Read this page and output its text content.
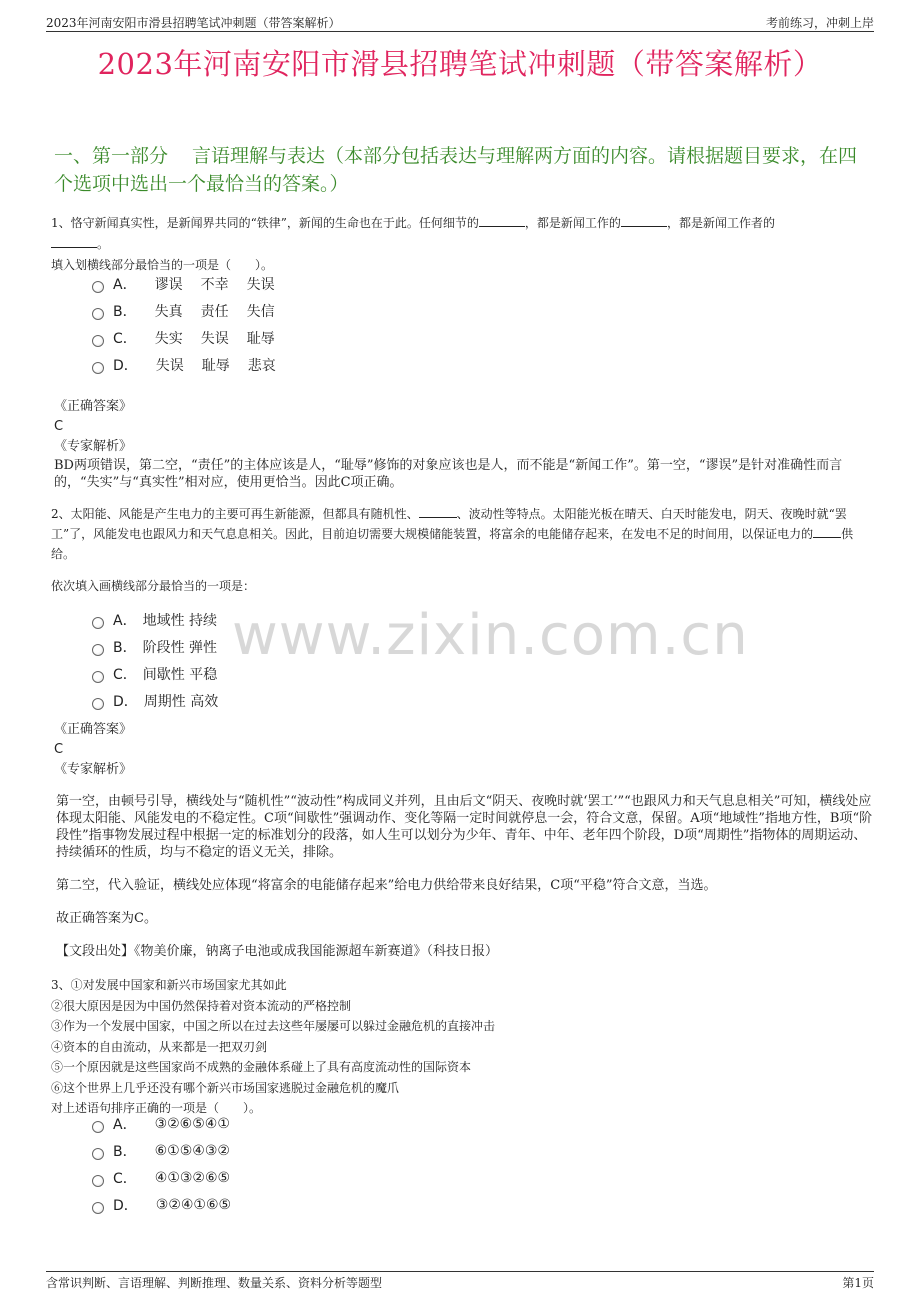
2023年河南安阳市滑县招聘笔试冲刺题（带答案解析）	考前练习，冲刺上岸
2023年河南安阳市滑县招聘笔试冲刺题（带答案解析）
一、第一部分 言语理解与表达（本部分包括表达与理解两方面的内容。请根据题目要求，在四个选项中选出一个最恰当的答案。）
1、恪守新闻真实性，是新闻界共同的“铁律”，新闻的生命也在于此。任何细节的	，都是新闻工作的	，都是新闻工作者的
。
填入划横线部分最恰当的一项是（　　）。
A． 谬误 不幸 失误
B． 失真 责任 失信
C． 失实 失误 耻辱
D． 失误 耻辱 悲哀
《正确答案》
C
《专家解析》
BD两项错误，第二空，“责任”的主体应该是人，“耻辱”修饰的对象应该也是人，而不能是“新闻工作”。第一空，“谬误”是针对准确性而言的，“失实”与“真实性”相对应，使用更恰当。因此C项正确。
2、太阳能、风能是产生电力的主要可再生新能源，但都具有随机性、	、波动性等特点。太阳能光板在晴天、白天时能发电，阴天、夜晚时就“罢工”了，风能发电也跟风力和天气息息相关。因此，目前迫切需要大规模储能装置，将富余的电能储存起来，在发电不足的时间用，以保证电力的 供给。
依次填入画横线部分最恰当的一项是：
www.zixin.com.cn
A． 地域性 持续
B． 阶段性 弹性
C． 间歇性 平稳
D． 周期性 高效
《正确答案》
C
《专家解析》
第一空，由顿号引导，横线处与“随机性”“波动性”构成同义并列，且由后文“阴天、夜晚时就‘罢工’”“也跟风力和天气息息相关”可知，横线处应体现太阳能、风能发电的不稳定性。C项“间歇性”强调动作、变化等隔一定时间就停息一会，符合文意，保留。A项“地域性”指地方性，B项“阶段性”指事物发展过程中根据一定的标准划分的段落，如人生可以划分为少年、青年、中年、老年四个阶段，D项“周期性”指物体的周期运动、持续循环的性质，均与不稳定的语义无关，排除。
第二空，代入验证，横线处应体现“将富余的电能储存起来”给电力供给带来良好结果，C项“平稳”符合文意，当选。
故正确答案为C。
【文段出处】《物美价廉，钠离子电池或成我国能源超车新赛道》（科技日报）
3、①对发展中国家和新兴市场国家尤其如此
②很大原因是因为中国仍然保持着对资本流动的严格控制
③作为一个发展中国家，中国之所以在过去这些年屡屡可以躲过金融危机的直接冲击
④资本的自由流动，从来都是一把双刃剑
⑤一个原因就是这些国家尚不成熟的金融体系碰上了具有高度流动性的国际资本
⑥这个世界上几乎还没有哪个新兴市场国家逃脱过金融危机的魔爪
对上述语句排序正确的一项是（　　）。
A． ③②⑥⑤④①
B． ⑥①⑤④③②
C． ④①③②⑥⑤
D． ③②④①⑥⑤
含常识判断、言语理解、判断推理、数量关系、资料分析等题型	第1页
